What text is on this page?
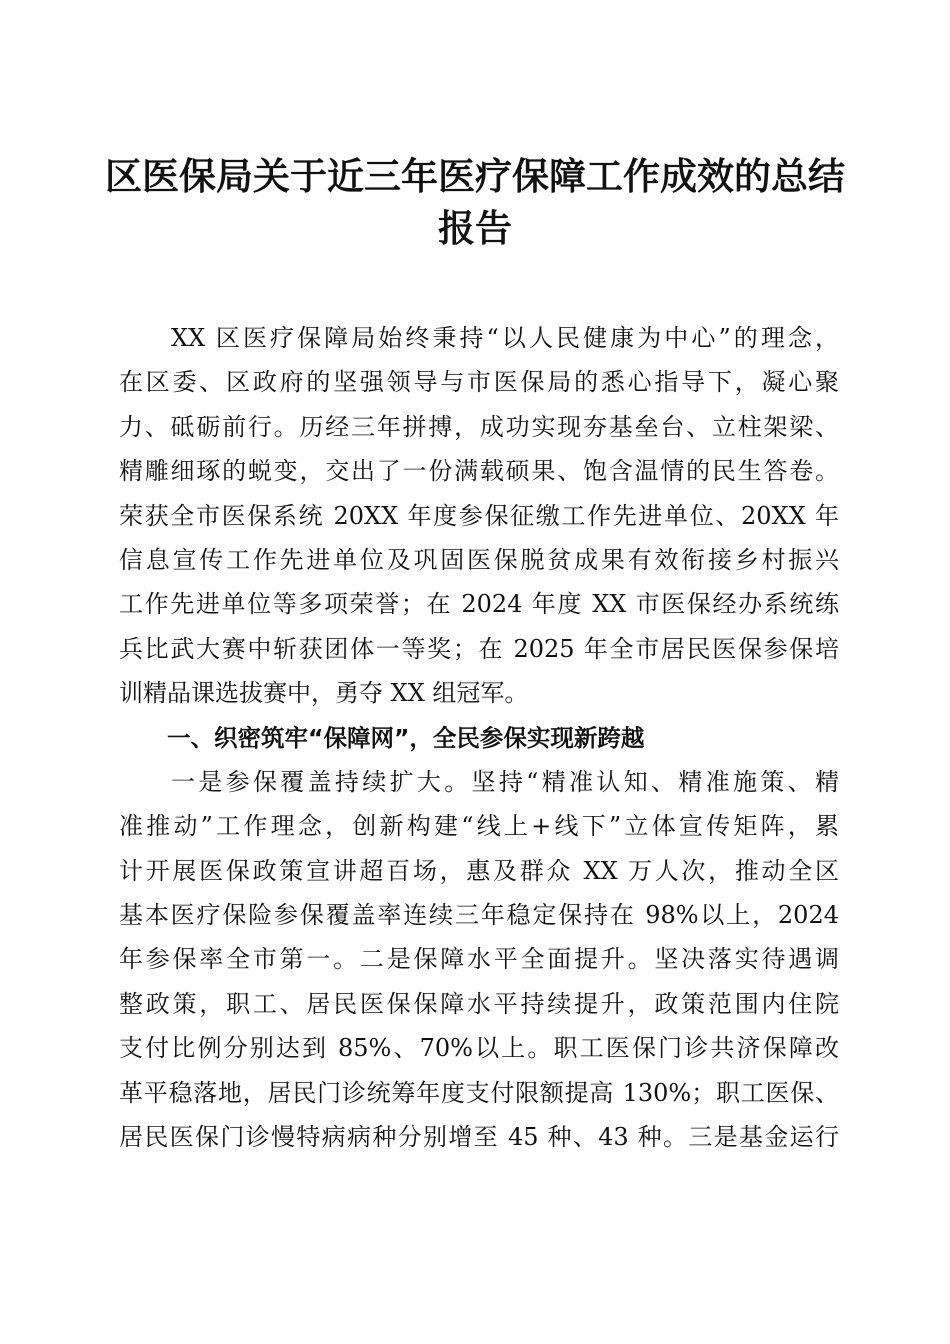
区医保局关于近三年医疗保障工作成效的总结
报告
XX 区医疗保障局始终秉持“以人民健康为中心”的理念，
在区委、区政府的坚强领导与市医保局的悉心指导下，凝心聚
力、砥砺前行。历经三年拼搏，成功实现夯基垒台、立柱架梁、
精雕细琢的蜕变，交出了一份满载硕果、饱含温情的民生答卷。
荣获全市医保系统 20XX 年度参保征缴工作先进单位、20XX 年
信息宣传工作先进单位及巩固医保脱贫成果有效衔接乡村振兴
工作先进单位等多项荣誉；在 2024 年度 XX 市医保经办系统练
兵比武大赛中斩获团体一等奖；在 2025 年全市居民医保参保培
训精品课选拔赛中，勇夺 XX 组冠军。
一、织密筑牢“保障网”，全民参保实现新跨越
一是参保覆盖持续扩大。坚持“精准认知、精准施策、精
准推动”工作理念，创新构建“线上+线下”立体宣传矩阵，累
计开展医保政策宣讲超百场，惠及群众 XX 万人次，推动全区
基本医疗保险参保覆盖率连续三年稳定保持在 98%以上，2024
年参保率全市第一。二是保障水平全面提升。坚决落实待遇调
整政策，职工、居民医保保障水平持续提升，政策范围内住院
支付比例分别达到 85%、70%以上。职工医保门诊共济保障改
革平稳落地，居民门诊统筹年度支付限额提高 130%；职工医保、
居民医保门诊慢特病病种分别增至 45 种、43 种。三是基金运行
